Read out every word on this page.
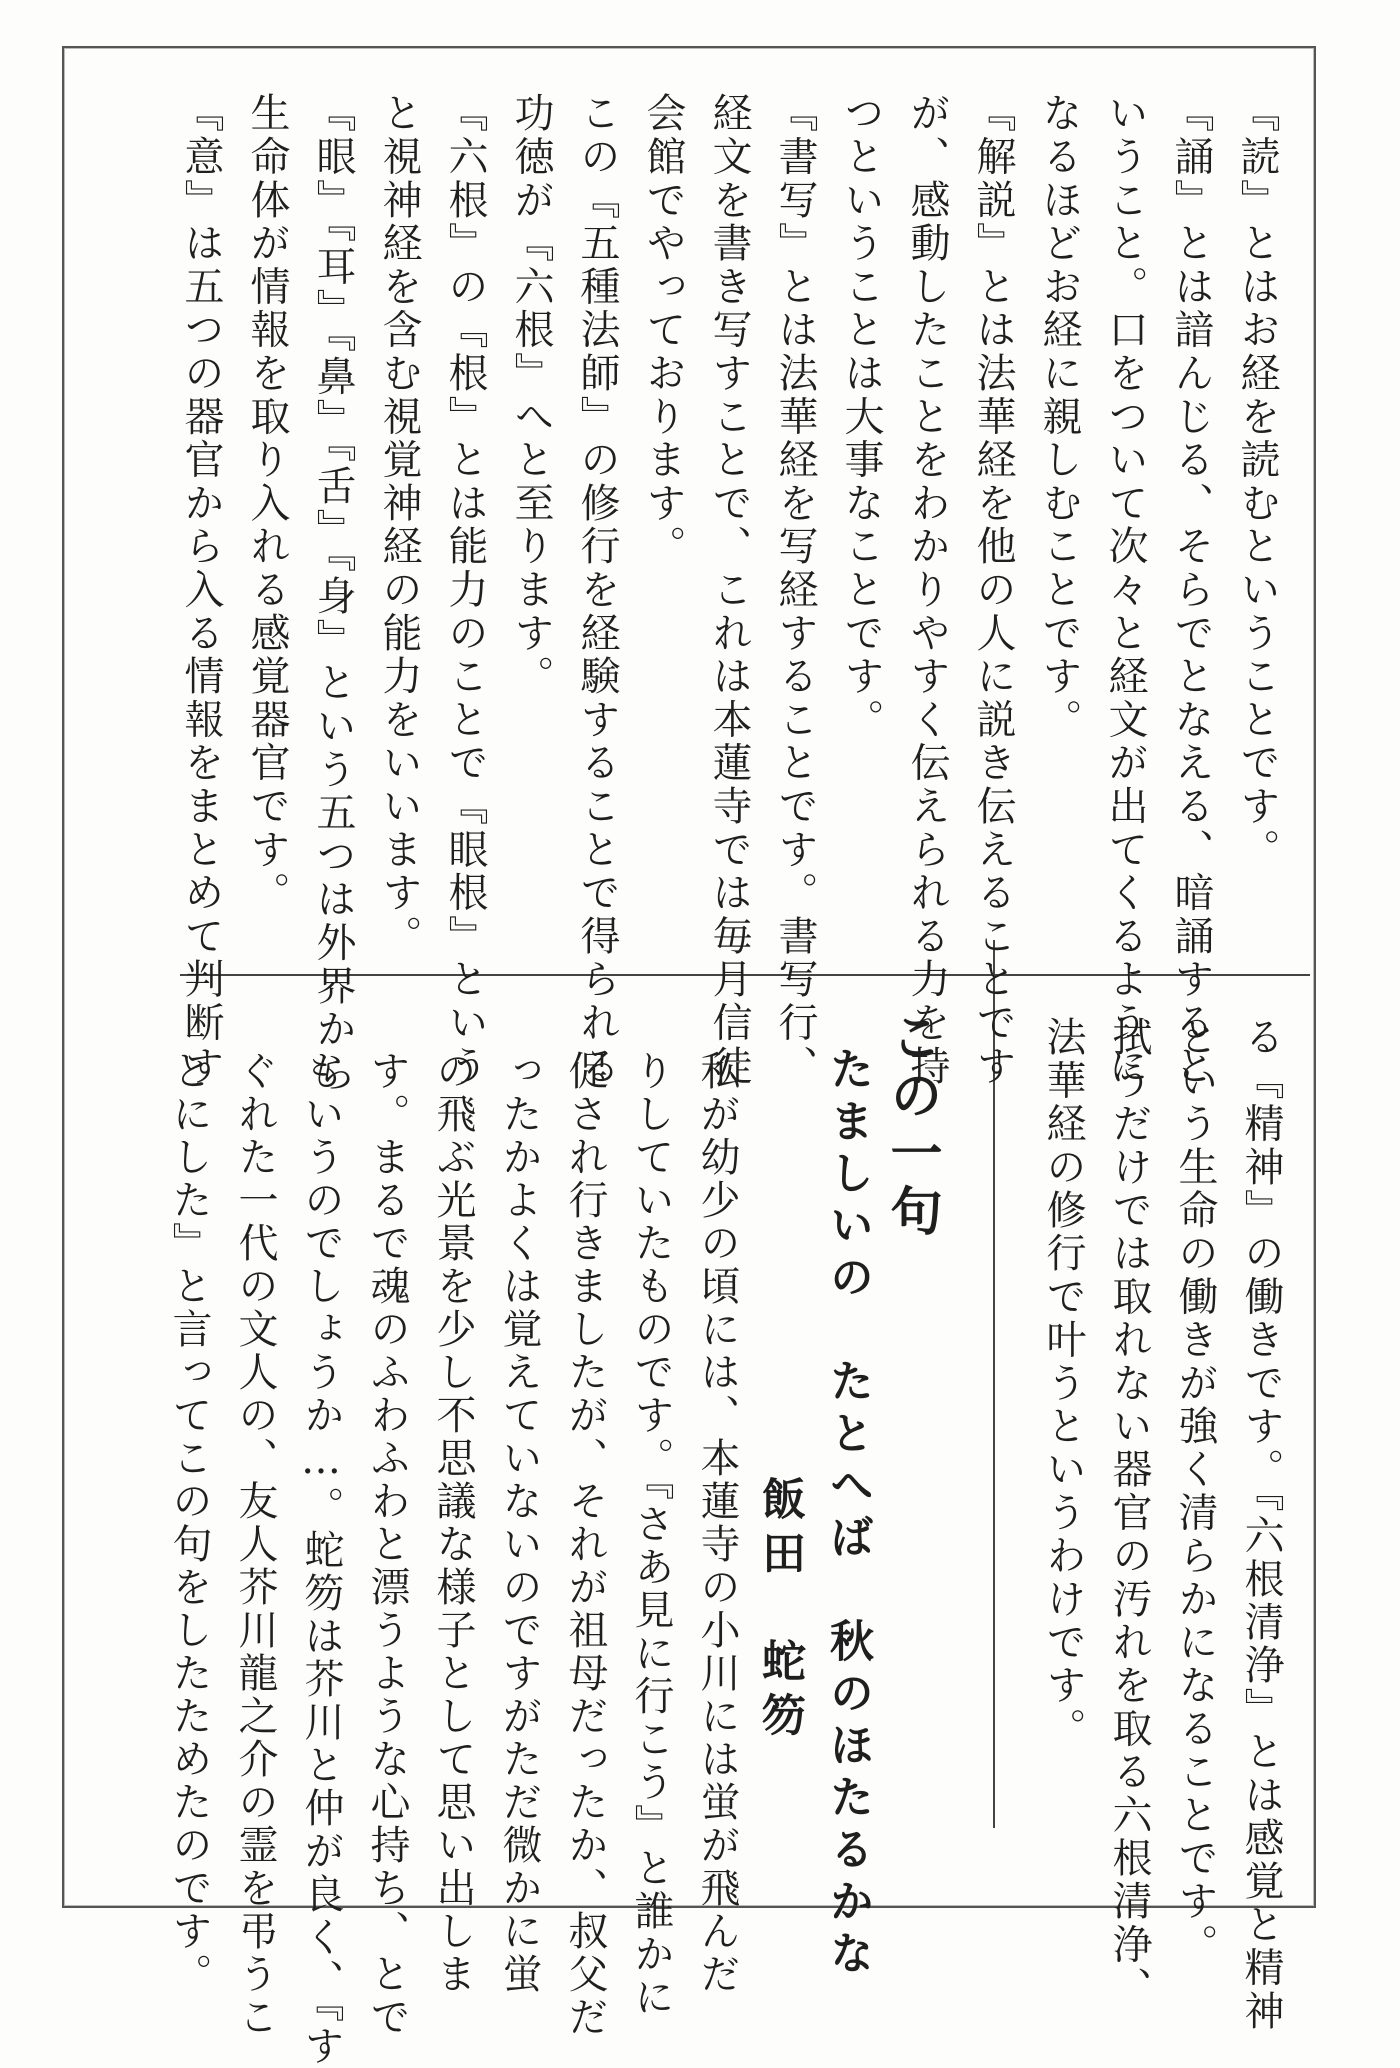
『読』とはお経を読むということです。
『誦』とは諳んじる、そらでとなえる、暗誦すると
いうこと。口をついて次々と経文が出てくるように
なるほどお経に親しむことです。
『解説』とは法華経を他の人に説き伝えることです
が、感動したことをわかりやすく伝えられる力を持
つということは大事なことです。
『書写』とは法華経を写経することです。書写行、
経文を書き写すことで、これは本蓮寺では毎月信徒
会館でやっております。
この『五種法師』の修行を経験することで得られる
功徳が『六根』へと至ります。
『六根』の『根』とは能力のことで『眼根』という
と視神経を含む視覚神経の能力をいいます。
『眼』『耳』『鼻』『舌』『身』という五つは外界から
生命体が情報を取り入れる感覚器官です。
『意』は五つの器官から入る情報をまとめて判断す
る『精神』の働きです。『六根清浄』とは感覚と精神
という生命の働きが強く清らかになることです。
拭うだけでは取れない器官の汚れを取る六根清浄、
法華経の修行で叶うというわけです。
この一句
たましいの　たとへば　秋のほたるかな
飯田　蛇笏
私が幼少の頃には、本蓮寺の小川には蛍が飛んだ
りしていたものです。『さあ見に行こう』と誰かに
促され行きましたが、それが祖母だったか、叔父だ
ったかよくは覚えていないのですがただ微かに蛍
の飛ぶ光景を少し不思議な様子として思い出しま
す。まるで魂のふわふわと漂うような心持ち、とで
もいうのでしょうか…。蛇笏は芥川と仲が良く、『す
ぐれた一代の文人の、友人芥川龍之介の霊を弔うこ
とにした』と言ってこの句をしたためたのです。
